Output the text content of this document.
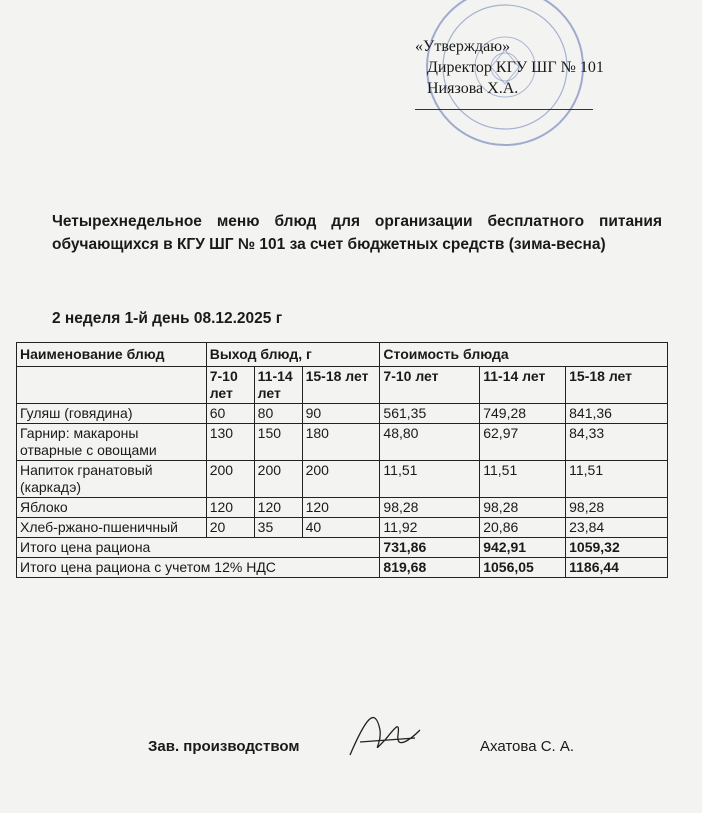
«Утверждаю»
Директор КГУ ШГ № 101
Ниязова Х.А.
Четырехнедельное меню блюд для организации бесплатного питания
обучающихся в КГУ ШГ № 101 за счет бюджетных средств (зима-весна)
2 неделя 1-й день 08.12.2025 г
Наименование блюд	Выход блюд, г			Стоимость блюда		
	7-10 лет	11-14 лет	15-18 лет	7-10 лет	11-14 лет	15-18 лет
Гуляш (говядина)	60	80	90	561,35	749,28	841,36
Гарнир: макароны отварные с овощами	130	150	180	48,80	62,97	84,33
Напиток гранатовый (каркадэ)	200	200	200	11,51	11,51	11,51
Яблоко	120	120	120	98,28	98,28	98,28
Хлеб-ржано-пшеничный	20	35	40	11,92	20,86	23,84
Итого цена рациона				731,86	942,91	1059,32
Итого цена рациона с учетом 12% НДС				819,68	1056,05	1186,44
Зав. производством	Ахатова С. А.
